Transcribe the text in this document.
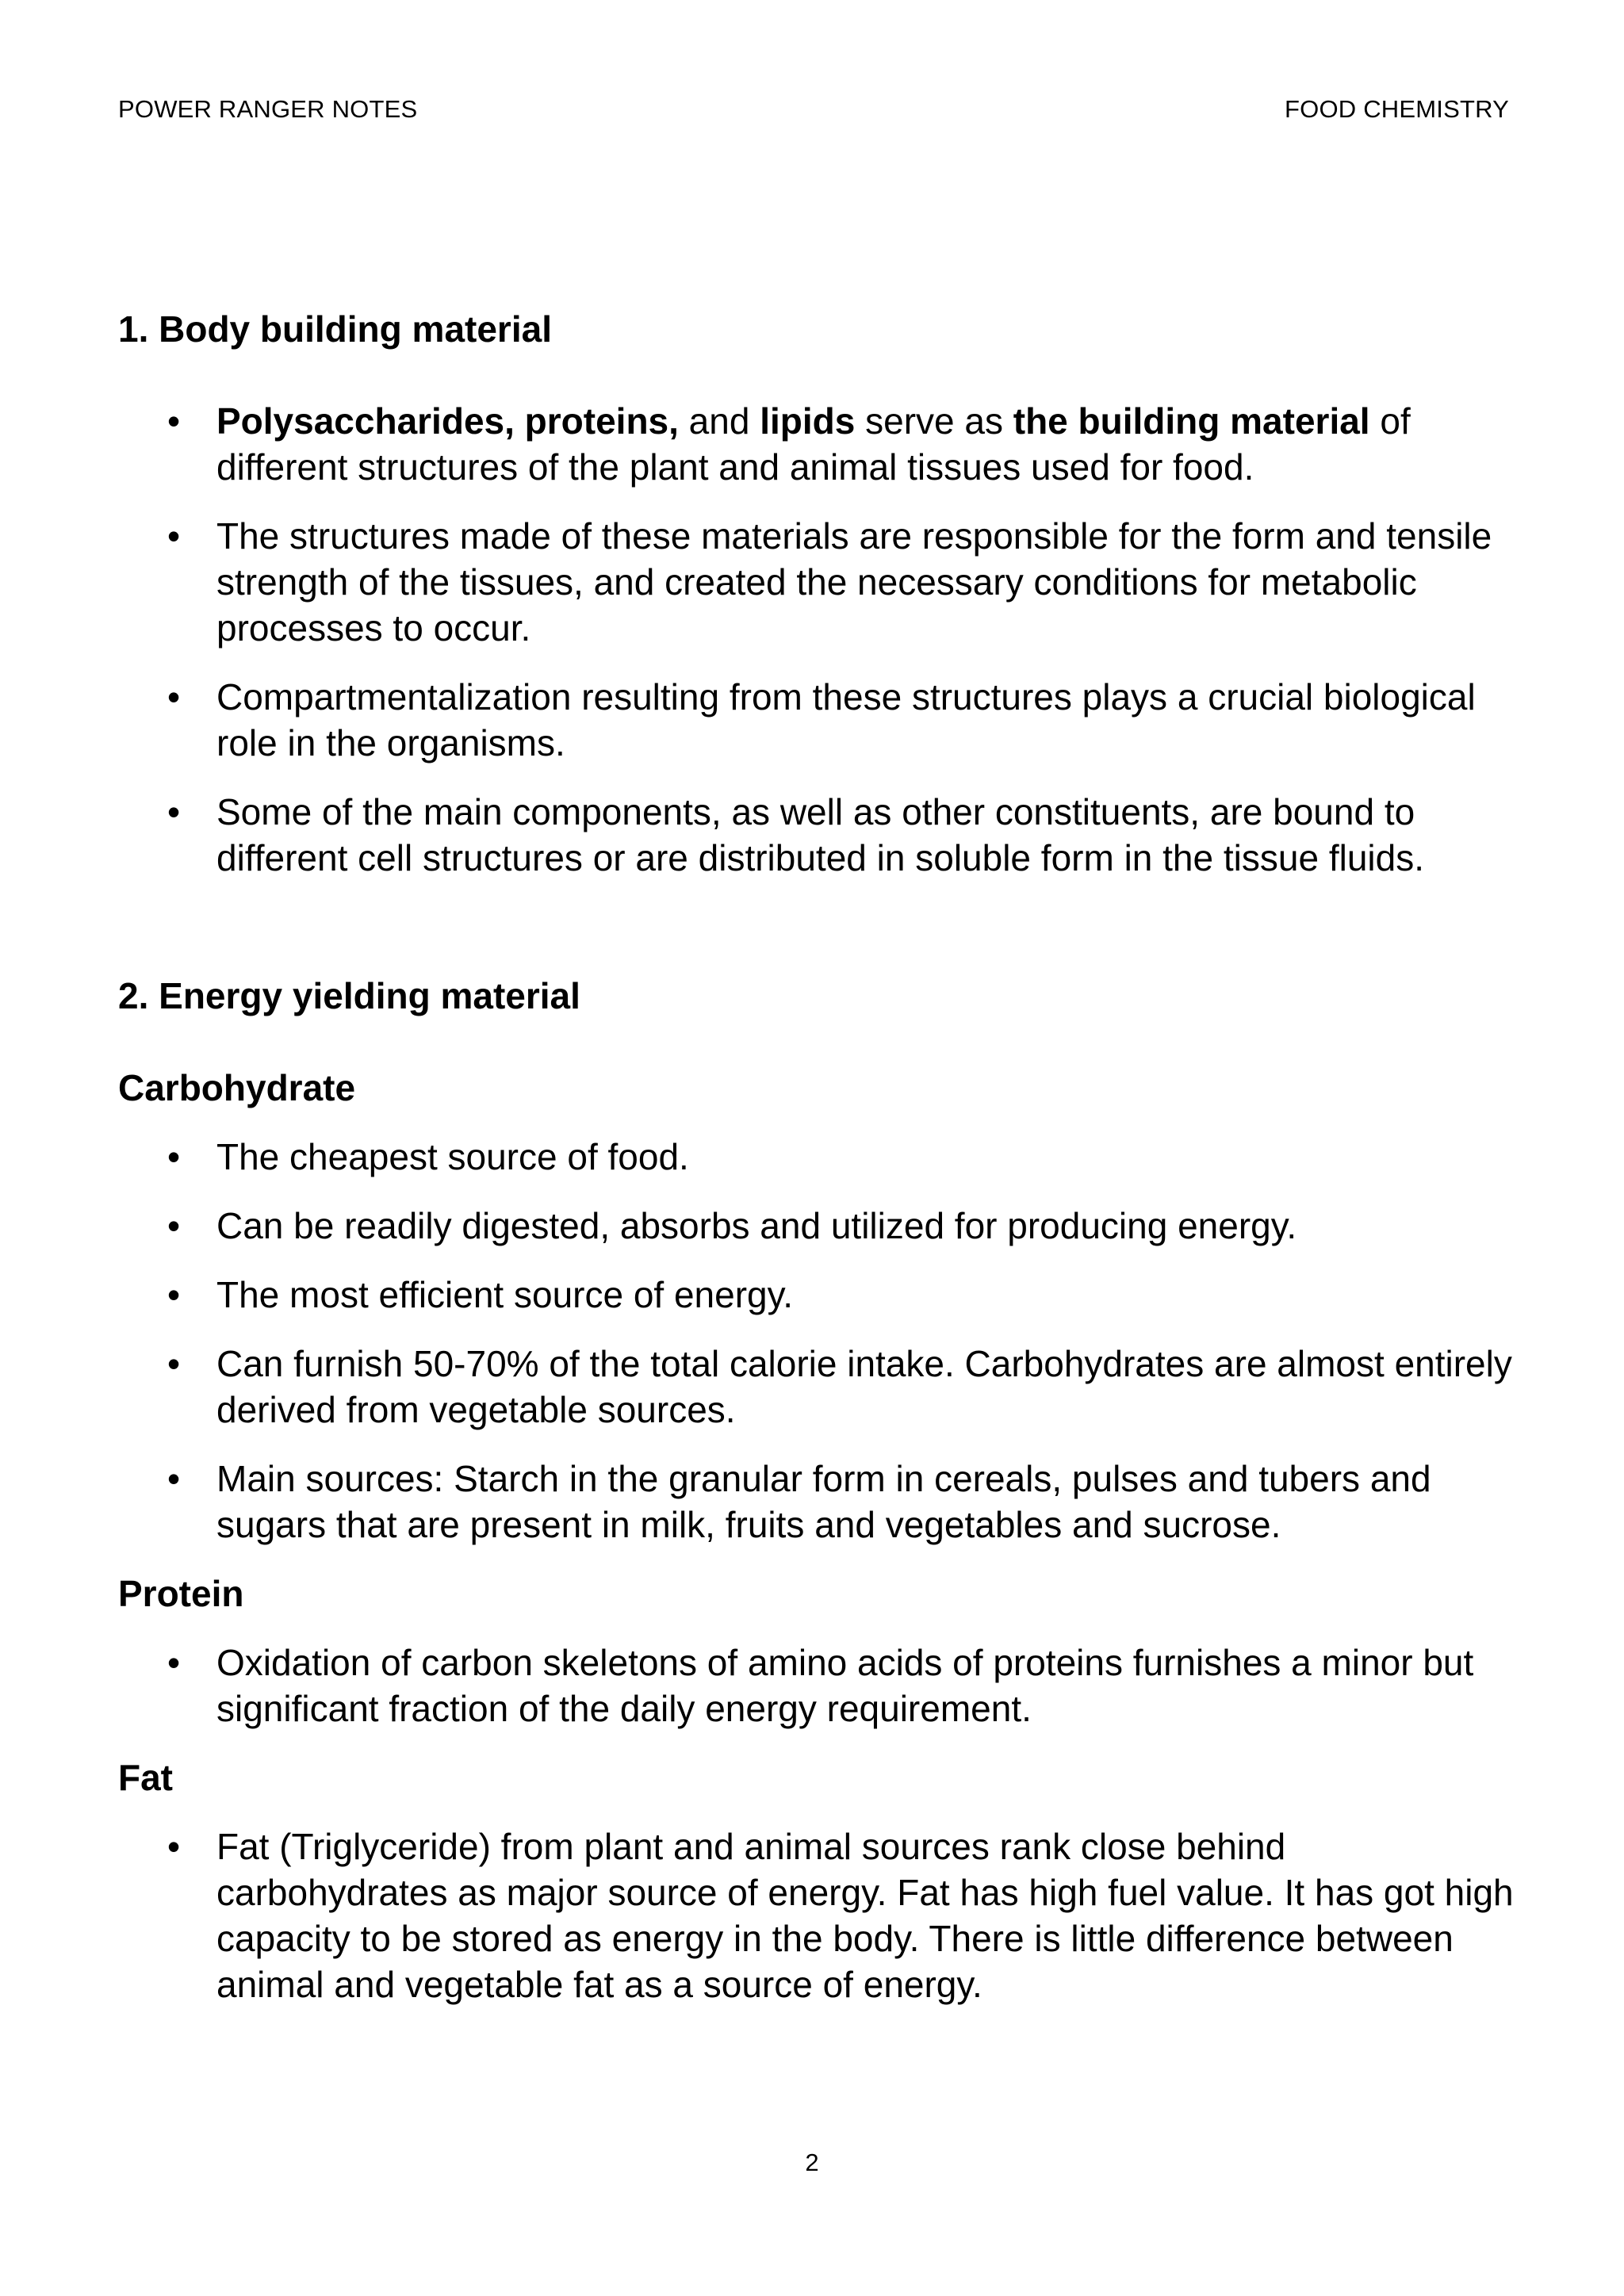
POWER RANGER NOTES	FOOD CHEMISTRY

1. Body building material

• Polysaccharides, proteins, and lipids serve as the building material of different structures of the plant and animal tissues used for food.
• The structures made of these materials are responsible for the form and tensile strength of the tissues, and created the necessary conditions for metabolic processes to occur.
• Compartmentalization resulting from these structures plays a crucial biological role in the organisms.
• Some of the main components, as well as other constituents, are bound to different cell structures or are distributed in soluble form in the tissue fluids.

2. Energy yielding material

Carbohydrate

• The cheapest source of food.
• Can be readily digested, absorbs and utilized for producing energy.
• The most efficient source of energy.
• Can furnish 50-70% of the total calorie intake. Carbohydrates are almost entirely derived from vegetable sources.
• Main sources: Starch in the granular form in cereals, pulses and tubers and sugars that are present in milk, fruits and vegetables and sucrose.

Protein

• Oxidation of carbon skeletons of amino acids of proteins furnishes a minor but significant fraction of the daily energy requirement.

Fat

• Fat (Triglyceride) from plant and animal sources rank close behind carbohydrates as major source of energy. Fat has high fuel value. It has got high capacity to be stored as energy in the body. There is little difference between animal and vegetable fat as a source of energy.
2
